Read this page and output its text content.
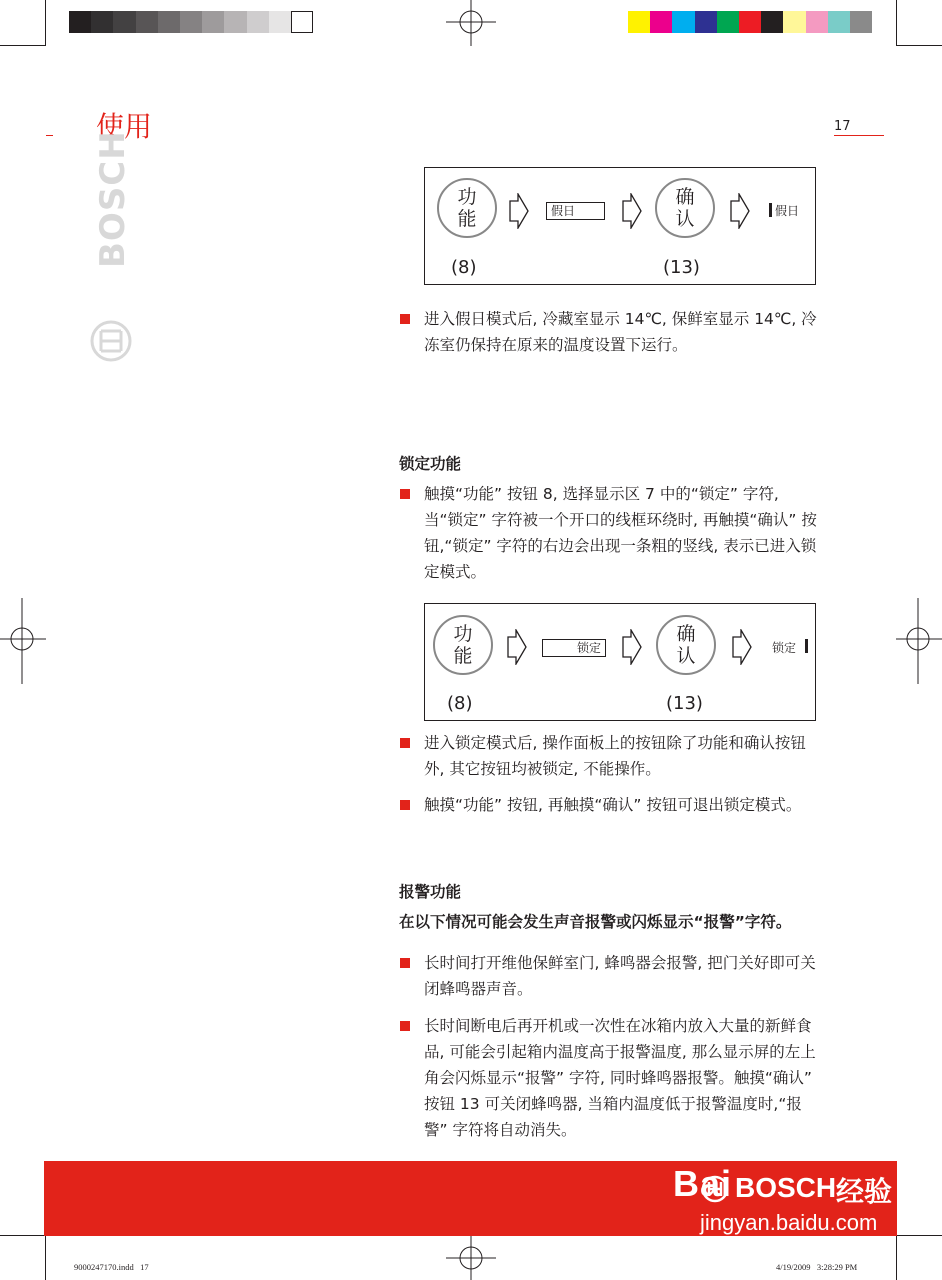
使用	17
BOSCH	功
能	假日
确
认	假日
(8)	(13)
进入假日模式后, 冷藏室显示 14℃, 保鲜室显示 14℃, 冷冻室仍保持在原来的温度设置下运行。
锁定功能
触摸“功能” 按钮 8, 选择显示区 7 中的“锁定” 字符, 当“锁定” 字符被一个开口的线框环绕时, 再触摸“确认” 按钮,“锁定” 字符的右边会出现一条粗的竖线, 表示已进入锁定模式。
功
能	锁定
确
认	锁定
(8)	(13)
进入锁定模式后, 操作面板上的按钮除了功能和确认按钮外, 其它按钮均被锁定, 不能操作。
触摸“功能” 按钮, 再触摸“确认” 按钮可退出锁定模式。
报警功能
在以下情况可能会发生声音报警或闪烁显示“报警”字符。
长时间打开维他保鲜室门, 蜂鸣器会报警, 把门关好即可关闭蜂鸣器声音。
长时间断电后再开机或一次性在冰箱内放入大量的新鲜食品, 可能会引起箱内温度高于报警温度, 那么显示屏的左上角会闪烁显示“报警” 字符, 同时蜂鸣器报警。触摸“确认” 按钮 13 可关闭蜂鸣器, 当箱内温度低于报警温度时,“报警” 字符将自动消失。
Bai BOSCH 经验
jingyan.baidu.com
9000247170.indd   17	4/19/2009   3:28:29 PM
